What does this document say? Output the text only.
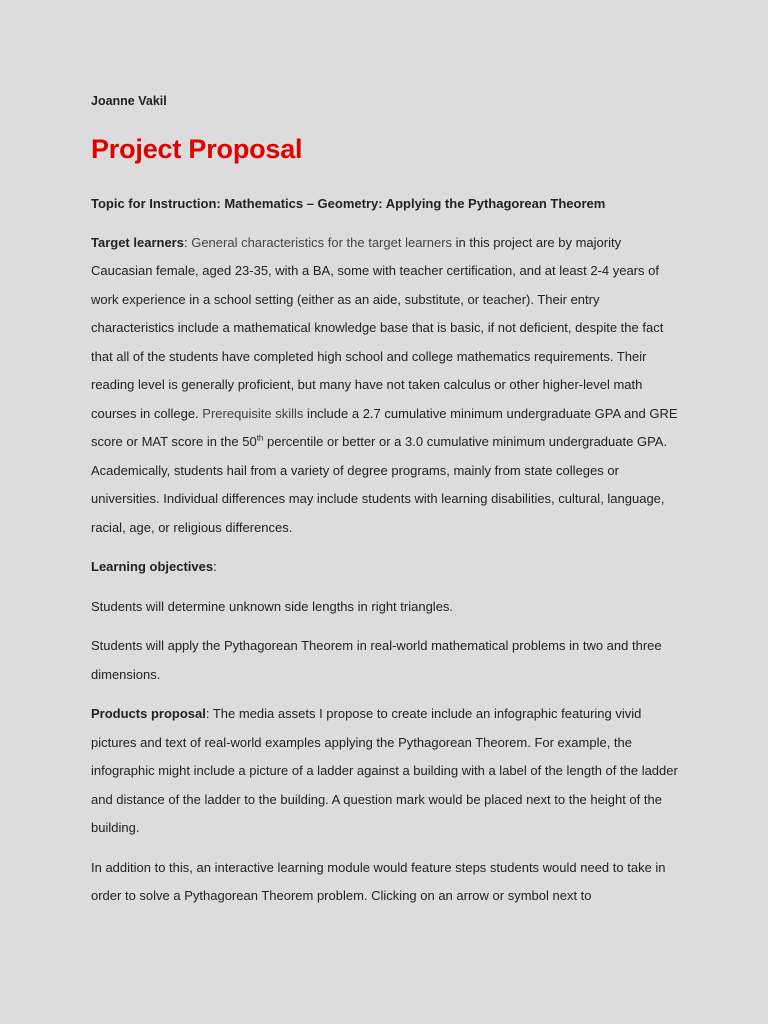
Joanne Vakil
Project Proposal
Topic for Instruction: Mathematics – Geometry: Applying the Pythagorean Theorem
Target learners: General characteristics for the target learners in this project are by majority Caucasian female, aged 23-35, with a BA, some with teacher certification, and at least 2-4 years of work experience in a school setting (either as an aide, substitute, or teacher). Their entry characteristics include a mathematical knowledge base that is basic, if not deficient, despite the fact that all of the students have completed high school and college mathematics requirements. Their reading level is generally proficient, but many have not taken calculus or other higher-level math courses in college. Prerequisite skills include a 2.7 cumulative minimum undergraduate GPA and GRE score or MAT score in the 50th percentile or better or a 3.0 cumulative minimum undergraduate GPA. Academically, students hail from a variety of degree programs, mainly from state colleges or universities. Individual differences may include students with learning disabilities, cultural, language, racial, age, or religious differences.
Learning objectives:
Students will determine unknown side lengths in right triangles.
Students will apply the Pythagorean Theorem in real-world mathematical problems in two and three dimensions.
Products proposal: The media assets I propose to create include an infographic featuring vivid pictures and text of real-world examples applying the Pythagorean Theorem. For example, the infographic might include a picture of a ladder against a building with a label of the length of the ladder and distance of the ladder to the building. A question mark would be placed next to the height of the building.
In addition to this, an interactive learning module would feature steps students would need to take in order to solve a Pythagorean Theorem problem. Clicking on an arrow or symbol next to
